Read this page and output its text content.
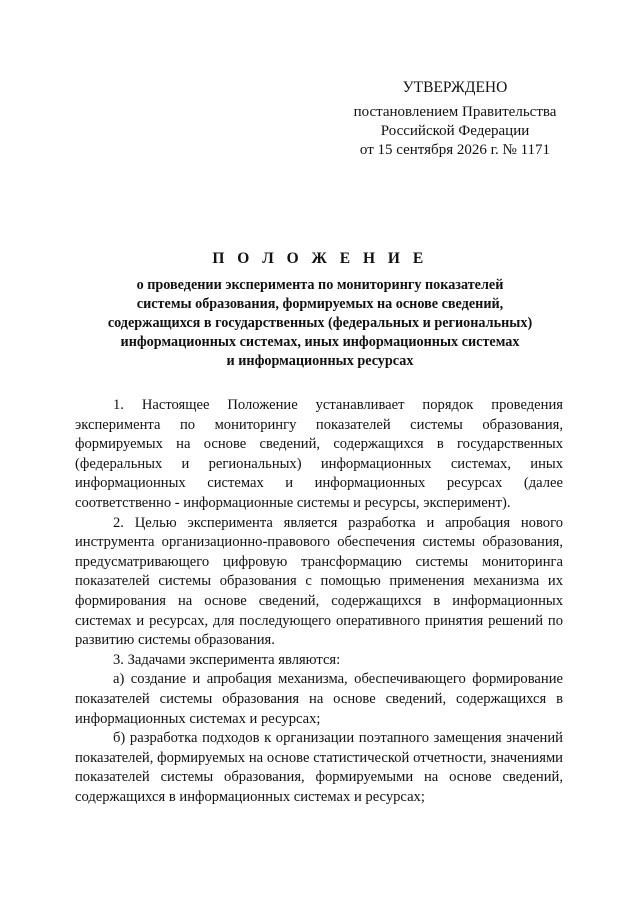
УТВЕРЖДЕНО
постановлением Правительства
Российской Федерации
от 15 сентября 2026 г. № 1171
П О Л О Ж Е Н И Е
о проведении эксперимента по мониторингу показателей
системы образования, формируемых на основе сведений,
содержащихся в государственных (федеральных и региональных)
информационных системах, иных информационных системах
и информационных ресурсах

1. Настоящее Положение устанавливает порядок проведения эксперимента по мониторингу показателей системы образования, формируемых на основе сведений, содержащихся в государственных (федеральных и региональных) информационных системах, иных информационных системах и информационных ресурсах (далее соответственно - информационные системы и ресурсы, эксперимент).

2. Целью эксперимента является разработка и апробация нового инструмента организационно-правового обеспечения системы образования, предусматривающего цифровую трансформацию системы мониторинга показателей системы образования с помощью применения механизма их формирования на основе сведений, содержащихся в информационных системах и ресурсах, для последующего оперативного принятия решений по развитию системы образования.

3. Задачами эксперимента являются:

а) создание и апробация механизма, обеспечивающего формирование показателей системы образования на основе сведений, содержащихся в информационных системах и ресурсах;

б) разработка подходов к организации поэтапного замещения значений показателей, формируемых на основе статистической отчетности, значениями показателей системы образования, формируемыми на основе сведений, содержащихся в информационных системах и ресурсах;
